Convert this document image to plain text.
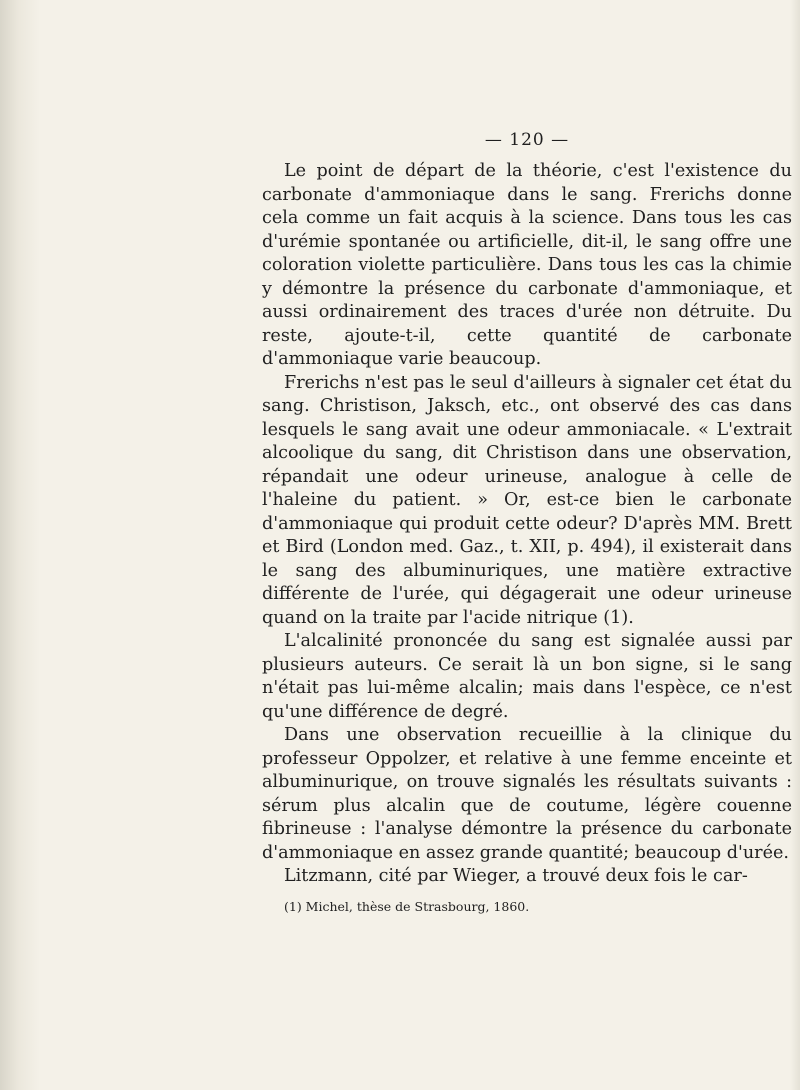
— 120 —

Le point de départ de la théorie, c'est l'existence du carbonate d'ammoniaque dans le sang. Frerichs donne cela comme un fait acquis à la science. Dans tous les cas d'urémie spontanée ou artificielle, dit-il, le sang offre une coloration violette particulière. Dans tous les cas la chimie y démontre la présence du carbonate d'ammoniaque, et aussi ordinairement des traces d'urée non détruite. Du reste, ajoute-t-il, cette quantité de carbonate d'ammoniaque varie beaucoup.

Frerichs n'est pas le seul d'ailleurs à signaler cet état du sang. Christison, Jaksch, etc., ont observé des cas dans lesquels le sang avait une odeur ammoniacale. « L'extrait alcoolique du sang, dit Christison dans une observation, répandait une odeur urineuse, analogue à celle de l'haleine du patient. » Or, est-ce bien le carbonate d'ammoniaque qui produit cette odeur? D'après MM. Brett et Bird (London med. Gaz., t. XII, p. 494), il existerait dans le sang des albuminuriques, une matière extractive différente de l'urée, qui dégagerait une odeur urineuse quand on la traite par l'acide nitrique (1).

L'alcalinité prononcée du sang est signalée aussi par plusieurs auteurs. Ce serait là un bon signe, si le sang n'était pas lui-même alcalin; mais dans l'espèce, ce n'est qu'une différence de degré.

Dans une observation recueillie à la clinique du professeur Oppolzer, et relative à une femme enceinte et albuminurique, on trouve signalés les résultats suivants : sérum plus alcalin que de coutume, légère couenne fibrineuse : l'analyse démontre la présence du carbonate d'ammoniaque en assez grande quantité; beaucoup d'urée.

Litzmann, cité par Wieger, a trouvé deux fois le car-

(1) Michel, thèse de Strasbourg, 1860.
